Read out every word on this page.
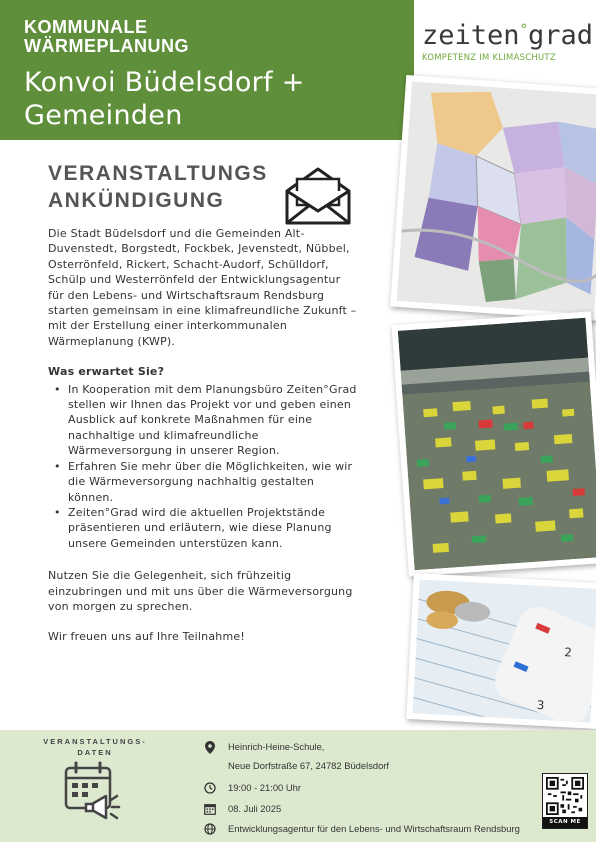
KOMMUNALE
WÄRMEPLANUNG
Konvoi Büdelsdorf +
Gemeinden
zeiten°grad
KOMPETENZ IM KLIMASCHUTZ
2
3
VERANSTALTUNGS
ANKÜNDIGUNG

Die Stadt Büdelsdorf und die Gemeinden Alt-Duvenstedt, Borgstedt, Fockbek, Jevenstedt, Nübbel, Osterrönfeld, Rickert, Schacht-Audorf, Schülldorf, Schülp und Westerrönfeld der Entwicklungsagentur für den Lebens- und Wirtschaftsraum Rendsburg starten gemeinsam in eine klimafreundliche Zukunft – mit der Erstellung einer interkommunalen Wärmeplanung (KWP).

Was erwartet Sie?
• In Kooperation mit dem Planungsbüro Zeiten°Grad stellen wir Ihnen das Projekt vor und geben einen Ausblick auf konkrete Maßnahmen für eine nachhaltige und klimafreundliche Wärmeversorgung in unserer Region.
• Erfahren Sie mehr über die Möglichkeiten, wie wir die Wärmeversorgung nachhaltig gestalten können.
• Zeiten°Grad wird die aktuellen Projektstände präsentieren und erläutern, wie diese Planung unsere Gemeinden unterstüzen kann.

Nutzen Sie die Gelegenheit, sich frühzeitig einzubringen und mit uns über die Wärmeversorgung von morgen zu sprechen.

Wir freuen uns auf Ihre Teilnahme!

VERANSTALTUNGS-DATEN
Heinrich-Heine-Schule,
Neue Dorfstraße 67, 24782 Büdelsdorf
19:00 - 21:00 Uhr
08. Juli 2025
Entwicklungsagentur für den Lebens- und Wirtschaftsraum Rendsburg
SCAN ME
